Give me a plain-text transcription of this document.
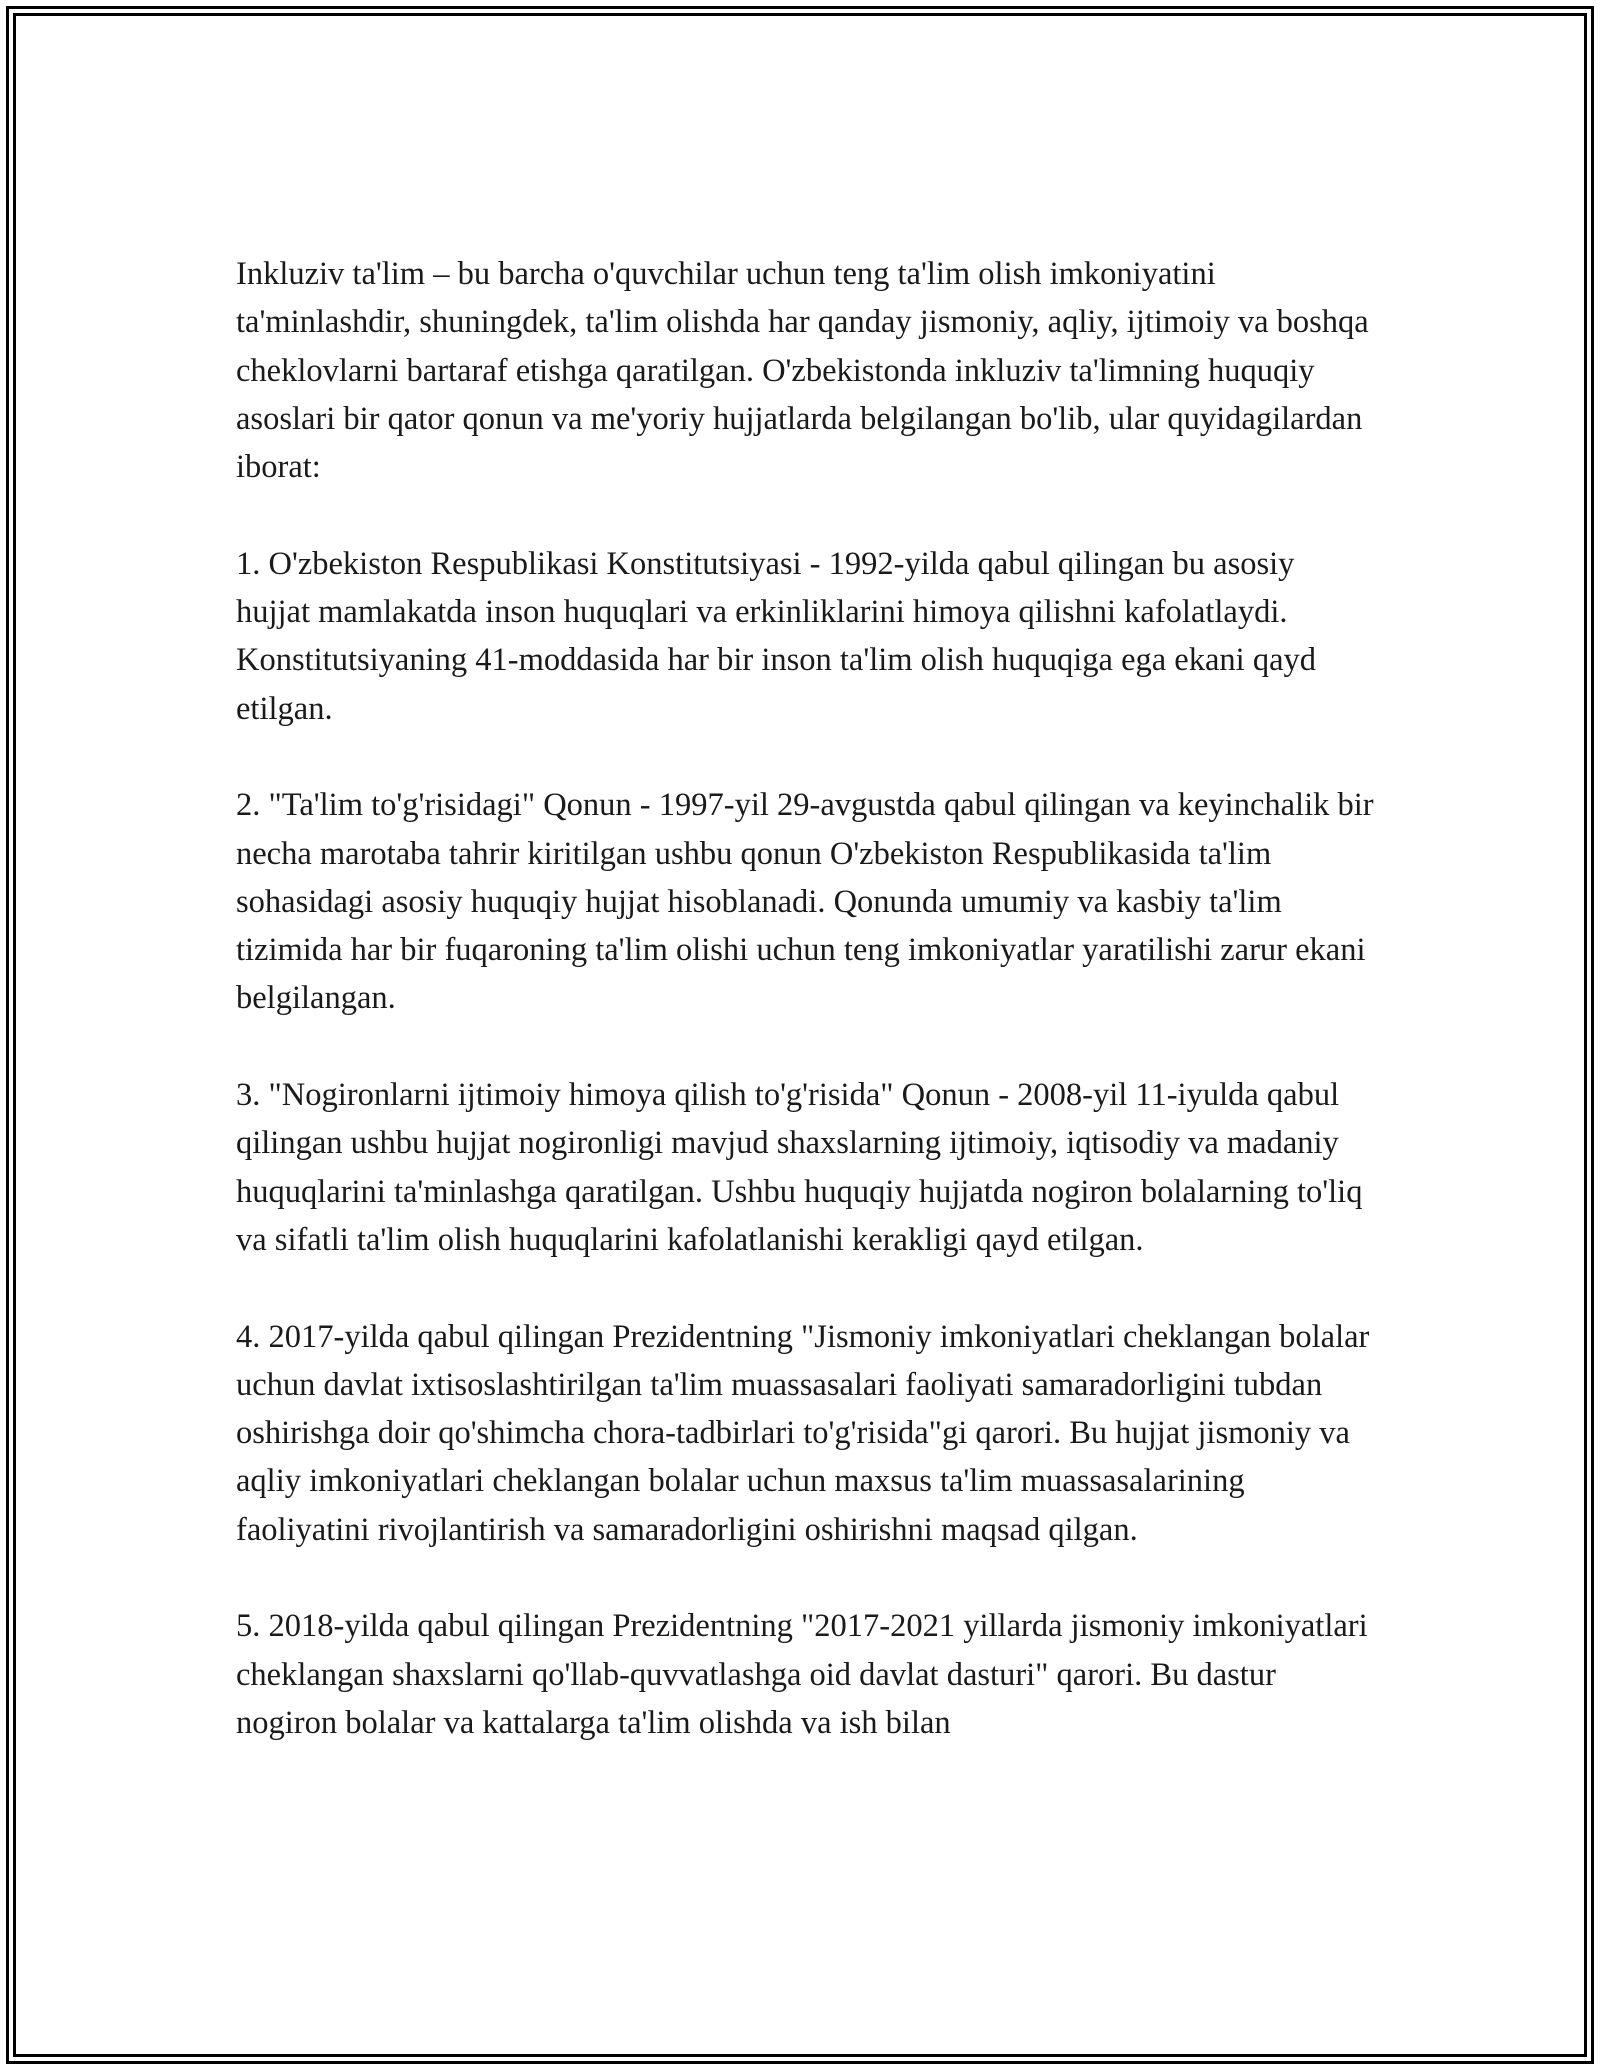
Inkluziv ta'lim – bu barcha o'quvchilar uchun teng ta'lim olish imkoniyatini ta'minlashdir, shuningdek, ta'lim olishda har qanday jismoniy, aqliy, ijtimoiy va boshqa cheklovlarni bartaraf etishga qaratilgan. O'zbekistonda inkluziv ta'limning huquqiy asoslari bir qator qonun va me'yoriy hujjatlarda belgilangan bo'lib, ular quyidagilardan iborat:

1. O'zbekiston Respublikasi Konstitutsiyasi - 1992-yilda qabul qilingan bu asosiy hujjat mamlakatda inson huquqlari va erkinliklarini himoya qilishni kafolatlaydi. Konstitutsiyaning 41-moddasida har bir inson ta'lim olish huquqiga ega ekani qayd etilgan.

2. "Ta'lim to'g'risidagi" Qonun - 1997-yil 29-avgustda qabul qilingan va keyinchalik bir necha marotaba tahrir kiritilgan ushbu qonun O'zbekiston Respublikasida ta'lim sohasidagi asosiy huquqiy hujjat hisoblanadi. Qonunda umumiy va kasbiy ta'lim tizimida har bir fuqaroning ta'lim olishi uchun teng imkoniyatlar yaratilishi zarur ekani belgilangan.

3. "Nogironlarni ijtimoiy himoya qilish to'g'risida" Qonun - 2008-yil 11-iyulda qabul qilingan ushbu hujjat nogironligi mavjud shaxslarning ijtimoiy, iqtisodiy va madaniy huquqlarini ta'minlashga qaratilgan. Ushbu huquqiy hujjatda nogiron bolalarning to'liq va sifatli ta'lim olish huquqlarini kafolatlanishi kerakligi qayd etilgan.

4. 2017-yilda qabul qilingan Prezidentning "Jismoniy imkoniyatlari cheklangan bolalar uchun davlat ixtisoslashtirilgan ta'lim muassasalari faoliyati samaradorligini tubdan oshirishga doir qo'shimcha chora-tadbirlari to'g'risida"gi qarori. Bu hujjat jismoniy va aqliy imkoniyatlari cheklangan bolalar uchun maxsus ta'lim muassasalarining faoliyatini rivojlantirish va samaradorligini oshirishni maqsad qilgan.

5. 2018-yilda qabul qilingan Prezidentning "2017-2021 yillarda jismoniy imkoniyatlari cheklangan shaxslarni qo'llab-quvvatlashga oid davlat dasturi" qarori. Bu dastur nogiron bolalar va kattalarga ta'lim olishda va ish bilan
